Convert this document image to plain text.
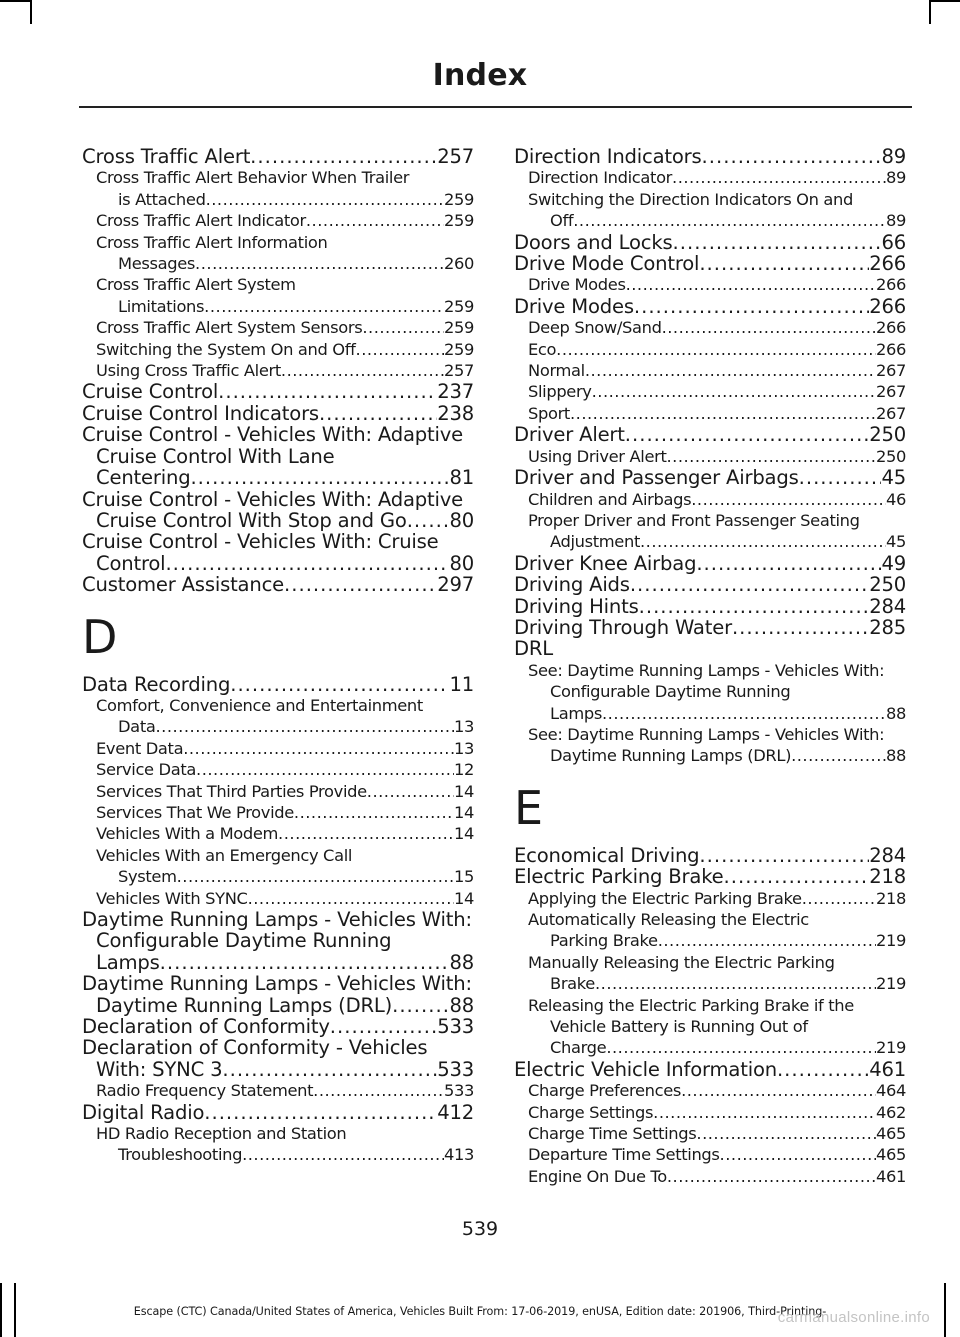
Index
Cross Traffic Alert .....	257
Cross Traffic Alert Behavior When Trailer
is Attached .....	259
Cross Traffic Alert Indicator .....	259
Cross Traffic Alert Information
Messages .....	260
Cross Traffic Alert System
Limitations .....	259
Cross Traffic Alert System Sensors .....	259
Switching the System On and Off .....	259
Using Cross Traffic Alert .....	257
Cruise Control .....	237
Cruise Control Indicators .....	238
Cruise Control - Vehicles With: Adaptive
Cruise Control With Lane
Centering .....	81
Cruise Control - Vehicles With: Adaptive
Cruise Control With Stop and Go ..... 80
Cruise Control - Vehicles With: Cruise
Control .....	80
Customer Assistance .....	297
D
Data Recording .....	11
Comfort, Convenience and Entertainment
Data .....	13
Event Data .....	13
Service Data .....	12
Services That Third Parties Provide .....	14
Services That We Provide .....	14
Vehicles With a Modem .....	14
Vehicles With an Emergency Call
System .....	15
Vehicles With SYNC .....	14
Daytime Running Lamps - Vehicles With:
Configurable Daytime Running
Lamps .....	88
Daytime Running Lamps - Vehicles With:
Daytime Running Lamps (DRL) .....	88
Declaration of Conformity .....	533
Declaration of Conformity - Vehicles
With: SYNC 3 .....	533
Radio Frequency Statement .....	533
Digital Radio .....	412
HD Radio Reception and Station
Troubleshooting .....	413
Direction Indicators .....	89
Direction Indicator .....	89
Switching the Direction Indicators On and
Off .....	89
Doors and Locks .....	66
Drive Mode Control .....	266
Drive Modes .....	266
Drive Modes .....	266
Deep Snow/Sand .....	266
Eco .....	266
Normal .....	267
Slippery .....	267
Sport .....	267
Driver Alert .....	250
Using Driver Alert .....	250
Driver and Passenger Airbags .....	45
Children and Airbags .....	46
Proper Driver and Front Passenger Seating
Adjustment .....	45
Driver Knee Airbag .....	49
Driving Aids .....	250
Driving Hints .....	284
Driving Through Water .....	285
DRL
See: Daytime Running Lamps - Vehicles With:
Configurable Daytime Running
Lamps .....	88
See: Daytime Running Lamps - Vehicles With:
Daytime Running Lamps (DRL) .....	88
E
Economical Driving .....	284
Electric Parking Brake .....	218
Applying the Electric Parking Brake .....	218
Automatically Releasing the Electric
Parking Brake .....	219
Manually Releasing the Electric Parking
Brake .....	219
Releasing the Electric Parking Brake if the
Vehicle Battery is Running Out of
Charge .....	219
Electric Vehicle Information .....	461
Charge Preferences .....	464
Charge Settings .....	462
Charge Time Settings .....	465
Departure Time Settings .....	465
Engine On Due To .....	461
539
Escape (CTC) Canada/United States of America, Vehicles Built From: 17-06-2019, enUSA, Edition date: 201906, Third-Printing-
carmanualsonline.info
